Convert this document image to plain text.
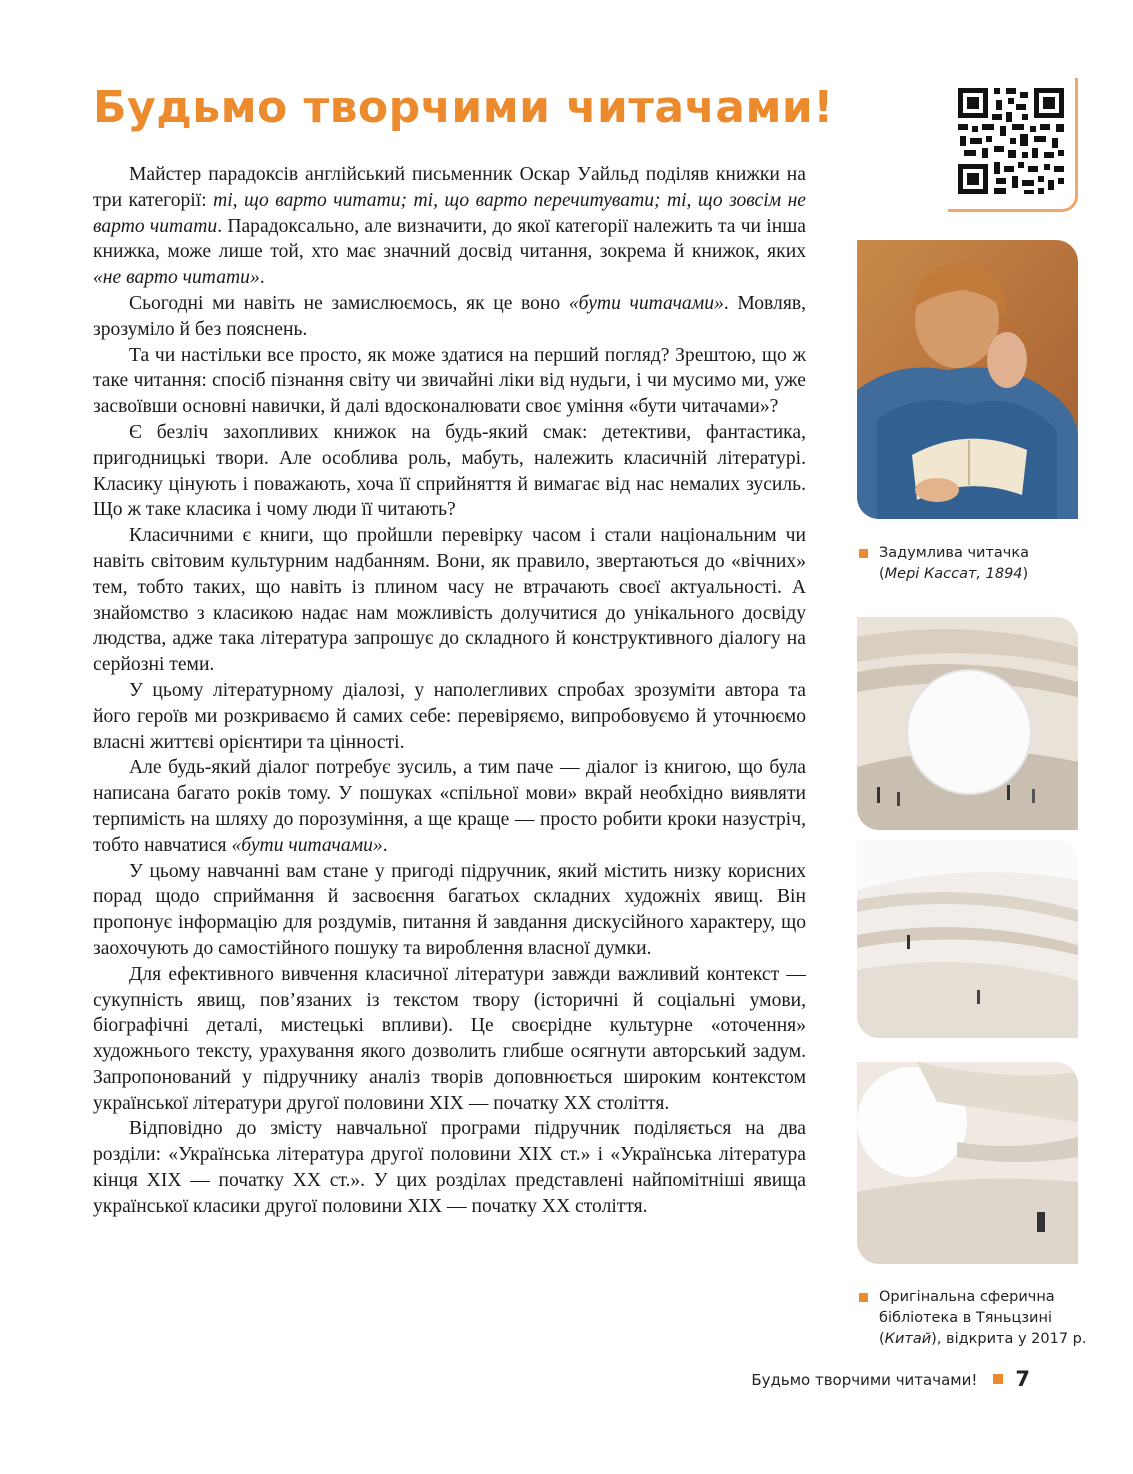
Будьмо творчими читачами!

Майстер парадоксів англійський письменник Оскар Уайльд поділяв книжки на три категорії: ті, що варто читати; ті, що варто перечитувати; ті, що зовсім не варто читати. Парадоксально, але визначити, до якої категорії належить та чи інша книжка, може лише той, хто має значний досвід читання, зокрема й книжок, яких «не варто читати».

Сьогодні ми навіть не замислюємось, як це воно «бути читачами». Мовляв, зрозуміло й без пояснень.

Та чи настільки все просто, як може здатися на перший погляд? Зрештою, що ж таке читання: спосіб пізнання світу чи звичайні ліки від нудьги, і чи мусимо ми, уже засвоївши основні навички, й далі вдосконалювати своє уміння «бути читачами»?

Є безліч захопливих книжок на будь-який смак: детективи, фантастика, пригодницькі твори. Але особлива роль, мабуть, належить класичній літературі. Класику цінують і поважають, хоча її сприйняття й вимагає від нас немалих зусиль. Що ж таке класика і чому люди її читають?

Класичними є книги, що пройшли перевірку часом і стали національним чи навіть світовим культурним надбанням. Вони, як правило, звертаються до «вічних» тем, тобто таких, що навіть із плином часу не втрачають своєї актуальності. А знайомство з класикою надає нам можливість долучитися до унікального досвіду людства, адже така література запрошує до складного й конструктивного діалогу на серйозні теми.

У цьому літературному діалозі, у наполегливих спробах зрозуміти автора та його героїв ми розкриваємо й самих себе: перевіряємо, випробовуємо й уточнюємо власні життєві орієнтири та цінності.

Але будь-який діалог потребує зусиль, а тим паче — діалог із книгою, що була написана багато років тому. У пошуках «спільної мови» вкрай необхідно виявляти терпимість на шляху до порозуміння, а ще краще — просто робити кроки назустріч, тобто навчатися «бути читачами».

У цьому навчанні вам стане у пригоді підручник, який містить низку корисних порад щодо сприймання й засвоєння багатьох складних художніх явищ. Він пропонує інформацію для роздумів, питання й завдання дискусійного характеру, що заохочують до самостійного пошуку та вироблення власної думки.

Для ефективного вивчення класичної літератури завжди важливий контекст — сукупність явищ, пов’язаних із текстом твору (історичні й соціальні умови, біографічні деталі, мистецькі впливи). Це своєрідне культурне «оточення» художнього тексту, урахування якого дозволить глибше осягнути авторський задум. Запропонований у підручнику аналіз творів доповнюється широким контекстом української літератури другої половини XIX — початку XX століття.

Відповідно до змісту навчальної програми підручник поділяється на два розділи: «Українська література другої половини XIX ст.» і «Українська література кінця XIX — початку XX ст.». У цих розділах представлені найпомітніші явища української класики другої половини XIX — початку XX століття.

Задумлива читачка
(Мері Кассат, 1894)
Оригінальна сферична
бібліотека в Тяньцзині
(Китай), відкрита у 2017 р.
Будьмо творчими читачами! 7
